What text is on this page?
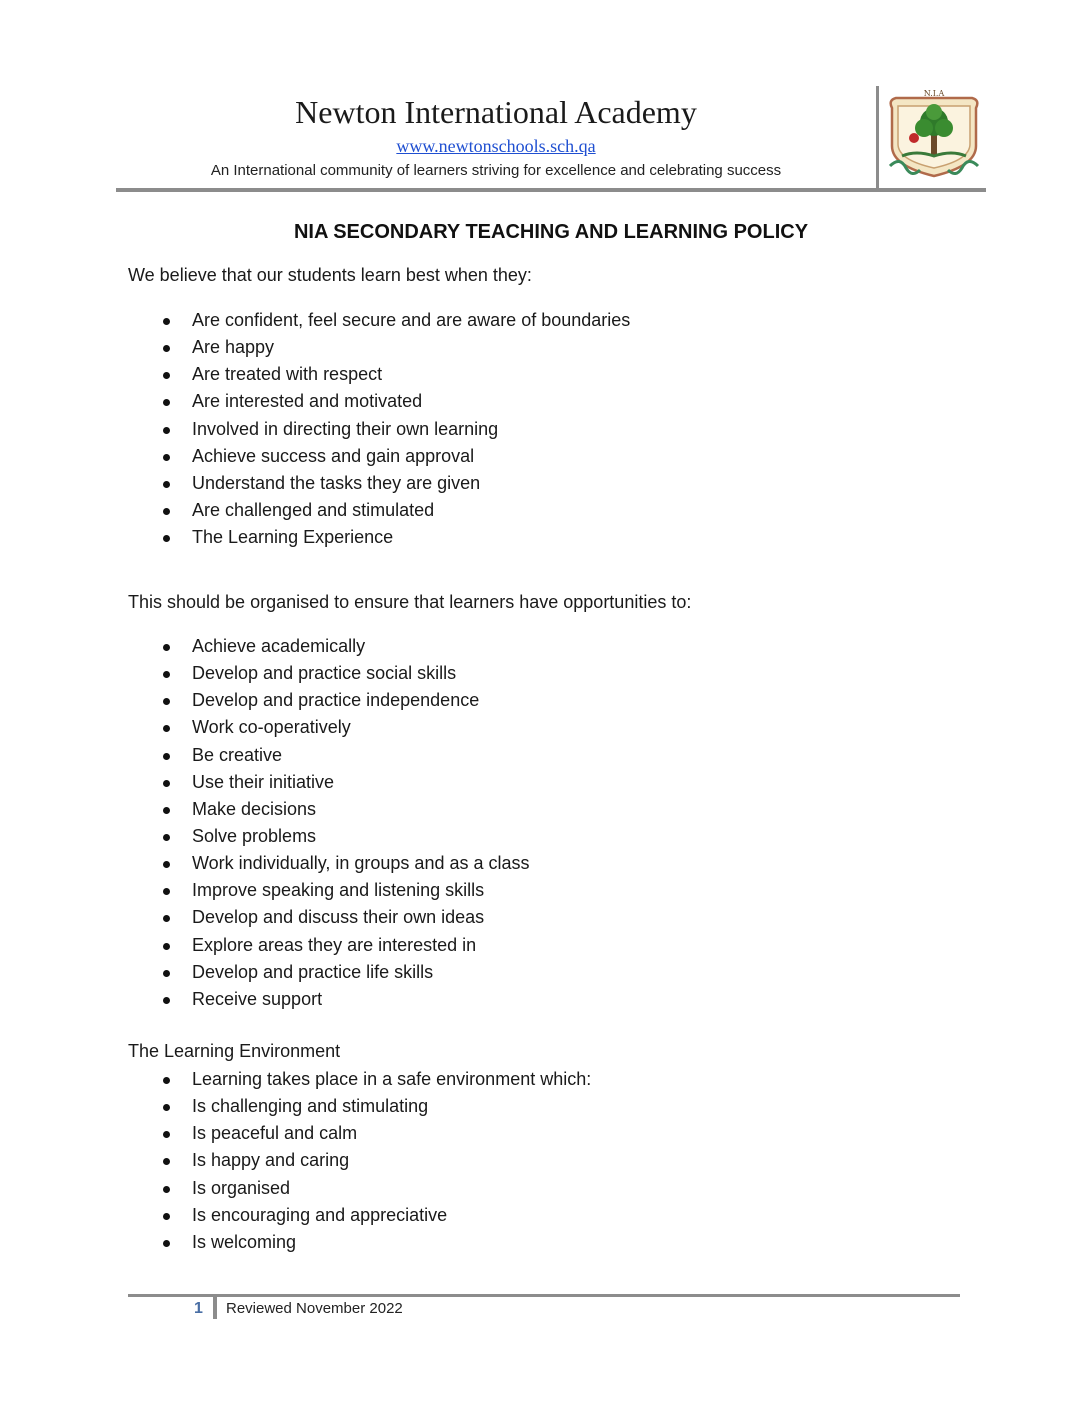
Newton International Academy
www.newtonschools.sch.qa
An International community of learners striving for excellence and celebrating success
N.I.A
NIA SECONDARY TEACHING AND LEARNING POLICY
We believe that our students learn best when they:
Are confident, feel secure and are aware of boundaries
Are happy
Are treated with respect
Are interested and motivated
Involved in directing their own learning
Achieve success and gain approval
Understand the tasks they are given
Are challenged and stimulated
The Learning Experience
This should be organised to ensure that learners have opportunities to:
Achieve academically
Develop and practice social skills
Develop and practice independence
Work co-operatively
Be creative
Use their initiative
Make decisions
Solve problems
Work individually, in groups and as a class
Improve speaking and listening skills
Develop and discuss their own ideas
Explore areas they are interested in
Develop and practice life skills
Receive support
The Learning Environment
Learning takes place in a safe environment which:
Is challenging and stimulating
Is peaceful and calm
Is happy and caring
Is organised
Is encouraging and appreciative
Is welcoming
1 Reviewed November 2022
